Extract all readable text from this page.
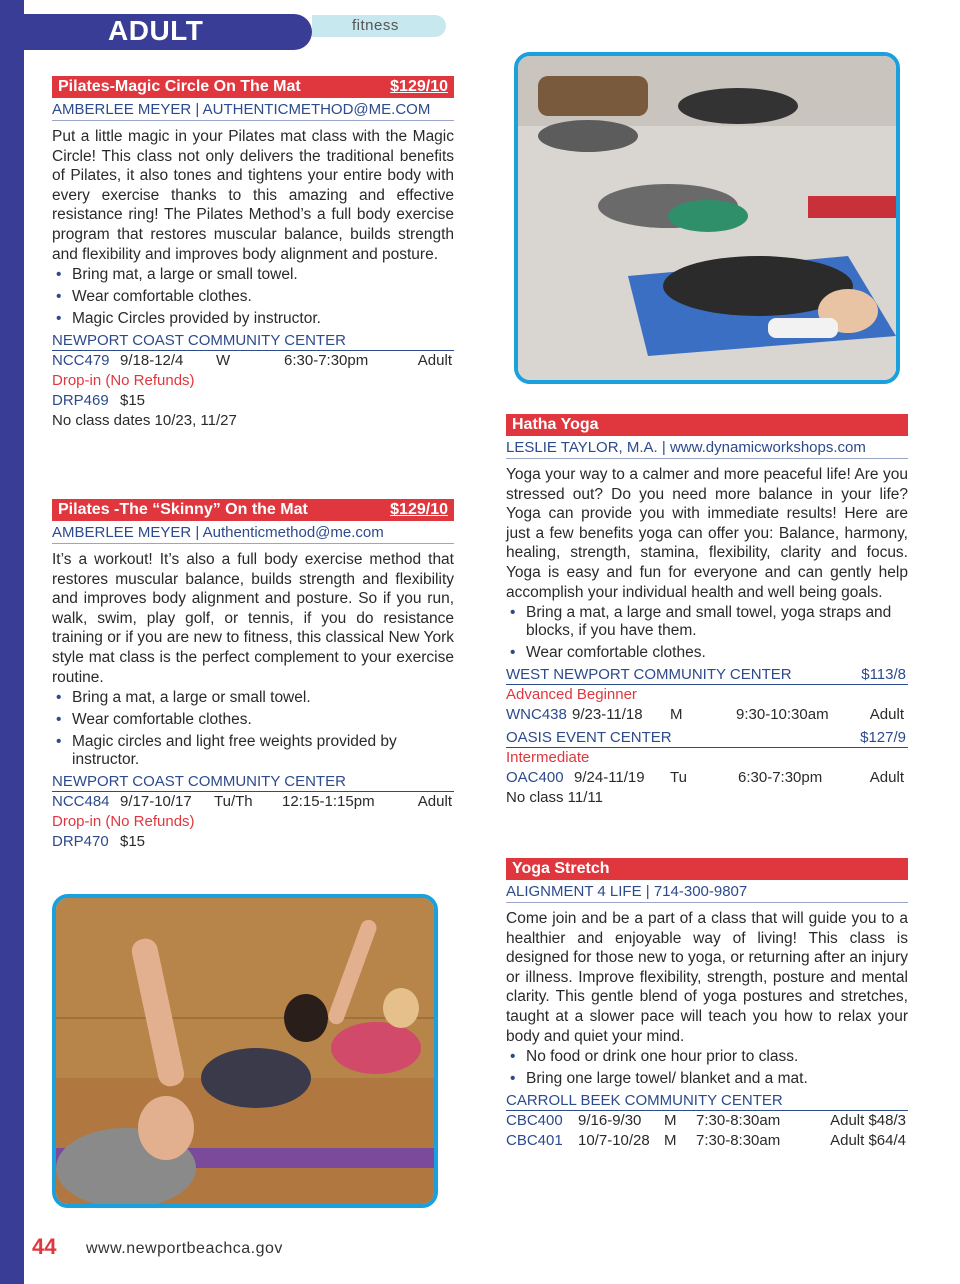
ADULT	fitness
Pilates-Magic Circle On The Mat	$129/10
AMBERLEE MEYER | AUTHENTICMETHOD@ME.COM
Put a little magic in your Pilates mat class with the Magic Circle! This class not only delivers the traditional benefits of Pilates, it also tones and tightens your entire body with every exercise thanks to this amazing and effective resistance ring! The Pilates Method’s a full body exercise program that restores muscular balance, builds strength and flexibility and improves body alignment and posture.
• Bring mat, a large or small towel.
• Wear comfortable clothes.
• Magic Circles provided by instructor.
NEWPORT COAST COMMUNITY CENTER
NCC479 9/18-12/4 W	6:30-7:30pm	Adult
Drop-in (No Refunds)
DRP469 $15
No class dates 10/23, 11/27
Pilates -The “Skinny” On the Mat	$129/10
AMBERLEE MEYER | Authenticmethod@me.com
It’s a workout! It’s also a full body exercise method that restores muscular balance, builds strength and flexibility and improves body alignment and posture. So if you run, walk, swim, play golf, or tennis, if you do resistance training or if you are new to fitness, this classical New York style mat class is the perfect complement to your exercise routine.
• Bring a mat, a large or small towel.
• Wear comfortable clothes.
• Magic circles and light free weights provided by instructor.
NEWPORT COAST COMMUNITY CENTER
NCC484 9/17-10/17 Tu/Th 12:15-1:15pm	Adult
Drop-in (No Refunds)
DRP470 $15
Hatha Yoga
LESLIE TAYLOR, M.A. | www.dynamicworkshops.com
Yoga your way to a calmer and more peaceful life! Are you stressed out? Do you need more balance in your life? Yoga can provide you with immediate results! Here are just a few benefits yoga can offer you: Balance, harmony, healing, strength, stamina, flexibility, clarity and focus. Yoga is easy and fun for everyone and can gently help accomplish your individual health and well being goals.
• Bring a mat, a large and small towel, yoga straps and blocks, if you have them.
• Wear comfortable clothes.
WEST NEWPORT COMMUNITY CENTER	$113/8
Advanced Beginner
WNC438 9/23-11/18 M	9:30-10:30am	Adult
OASIS EVENT CENTER	$127/9
Intermediate
OAC400 9/24-11/19 Tu	6:30-7:30pm	Adult
No class 11/11
Yoga Stretch
ALIGNMENT 4 LIFE | 714-300-9807
Come join and be a part of a class that will guide you to a healthier and enjoyable way of living! This class is designed for those new to yoga, or returning after an injury or illness. Improve flexibility, strength, posture and mental clarity. This gentle blend of yoga postures and stretches, taught at a slower pace will teach you how to relax your body and quiet your mind.
• No food or drink one hour prior to class.
• Bring one large towel/ blanket and a mat.
CARROLL BEEK COMMUNITY CENTER
CBC400 9/16-9/30 M 7:30-8:30am	Adult $48/3
CBC401 10/7-10/28 M 7:30-8:30am	Adult $64/4
44 www.newportbeachca.gov
